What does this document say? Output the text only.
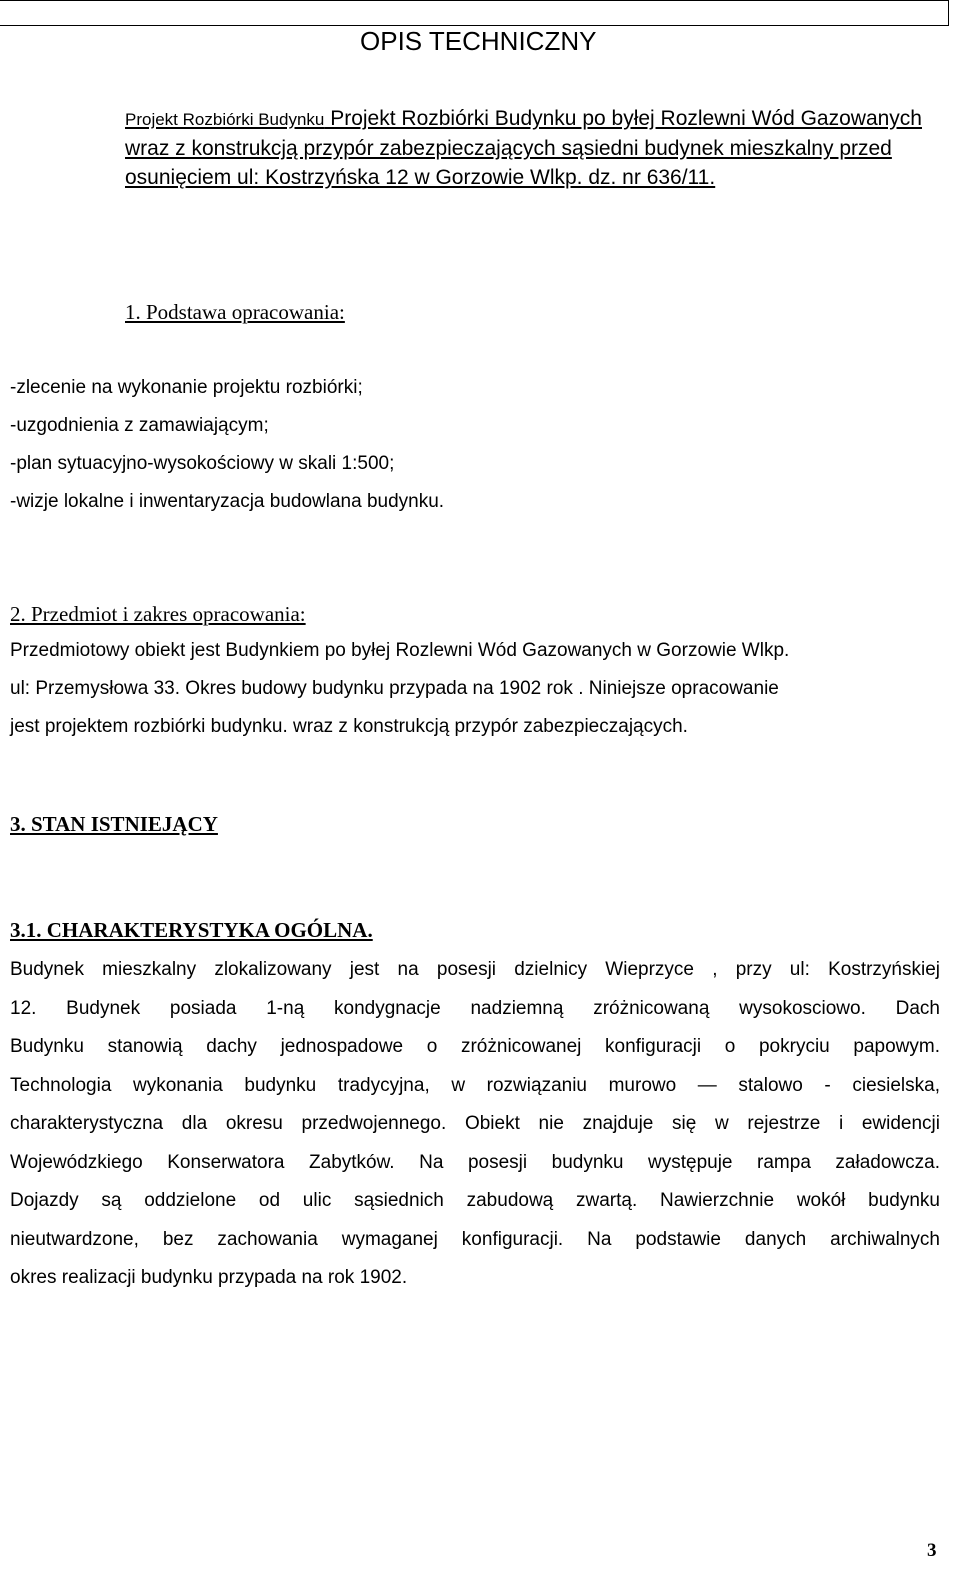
OPIS TECHNICZNY
Projekt Rozbiórki Budynku Projekt Rozbiórki Budynku po byłej Rozlewni Wód Gazowanych wraz z konstrukcją przypór zabezpieczających sąsiedni budynek mieszkalny przed osunięciem ul: Kostrzyńska 12 w Gorzowie Wlkp. dz. nr 636/11.
1. Podstawa opracowania:
-zlecenie na wykonanie projektu rozbiórki;
-uzgodnienia z zamawiającym;
-plan sytuacyjno-wysokościowy w skali 1:500;
-wizje lokalne i inwentaryzacja budowlana budynku.
2. Przedmiot i zakres opracowania:
Przedmiotowy obiekt jest Budynkiem po byłej Rozlewni Wód Gazowanych w Gorzowie Wlkp.
ul: Przemysłowa 33. Okres budowy budynku przypada na 1902 rok . Niniejsze opracowanie
jest projektem rozbiórki budynku. wraz z konstrukcją przypór zabezpieczających.
3. STAN ISTNIEJĄCY
3.1. CHARAKTERYSTYKA OGÓLNA.
Budynek mieszkalny zlokalizowany jest na posesji dzielnicy Wieprzyce , przy ul: Kostrzyńskiej
12. Budynek posiada 1-ną kondygnacje nadziemną zróżnicowaną wysokosciowo. Dach
Budynku stanowią dachy jednospadowe o zróżnicowanej konfiguracji o pokryciu papowym.
Technologia wykonania budynku tradycyjna, w rozwiązaniu murowo — stalowo - ciesielska,
charakterystyczna dla okresu przedwojennego. Obiekt nie znajduje się w rejestrze i ewidencji
Wojewódzkiego Konserwatora Zabytków. Na posesji budynku występuje rampa załadowcza.
Dojazdy są oddzielone od ulic sąsiednich zabudową zwartą. Nawierzchnie wokół budynku
nieutwardzone, bez zachowania wymaganej konfiguracji. Na podstawie danych archiwalnych
okres realizacji budynku przypada na rok 1902.
3
